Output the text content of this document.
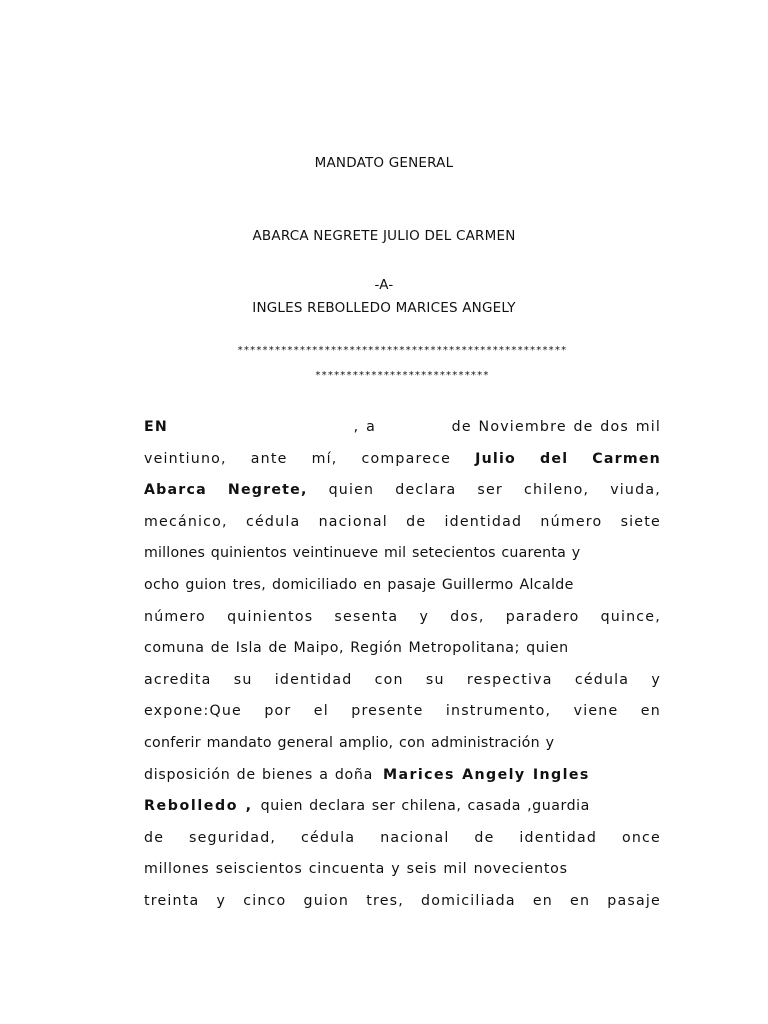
MANDATO GENERAL
ABARCA NEGRETE JULIO DEL CARMEN
-A-
INGLES REBOLLEDO MARICES ANGELY
*****************************************************
****************************
EN	, a	de Noviembre de dos mil
veintiuno, ante mí, comparece Julio del Carmen
Abarca Negrete, quien declara ser chileno, viuda,
mecánico, cédula nacional de identidad número siete
millones quinientos veintinueve mil setecientos cuarenta y
ocho guion tres, domiciliado en pasaje Guillermo Alcalde
número quinientos sesenta y dos, paradero quince,
comuna de Isla de Maipo, Región Metropolitana; quien
acredita su identidad con su respectiva cédula y
expone:Que por el presente instrumento, viene en
conferir mandato general amplio, con administración y
disposición de bienes a doña Marices Angely Ingles
Rebolledo , quien declara ser chilena, casada ,guardia
de seguridad, cédula nacional de identidad once
millones seiscientos cincuenta y seis mil novecientos
treinta y cinco guion tres, domiciliada en en pasaje
